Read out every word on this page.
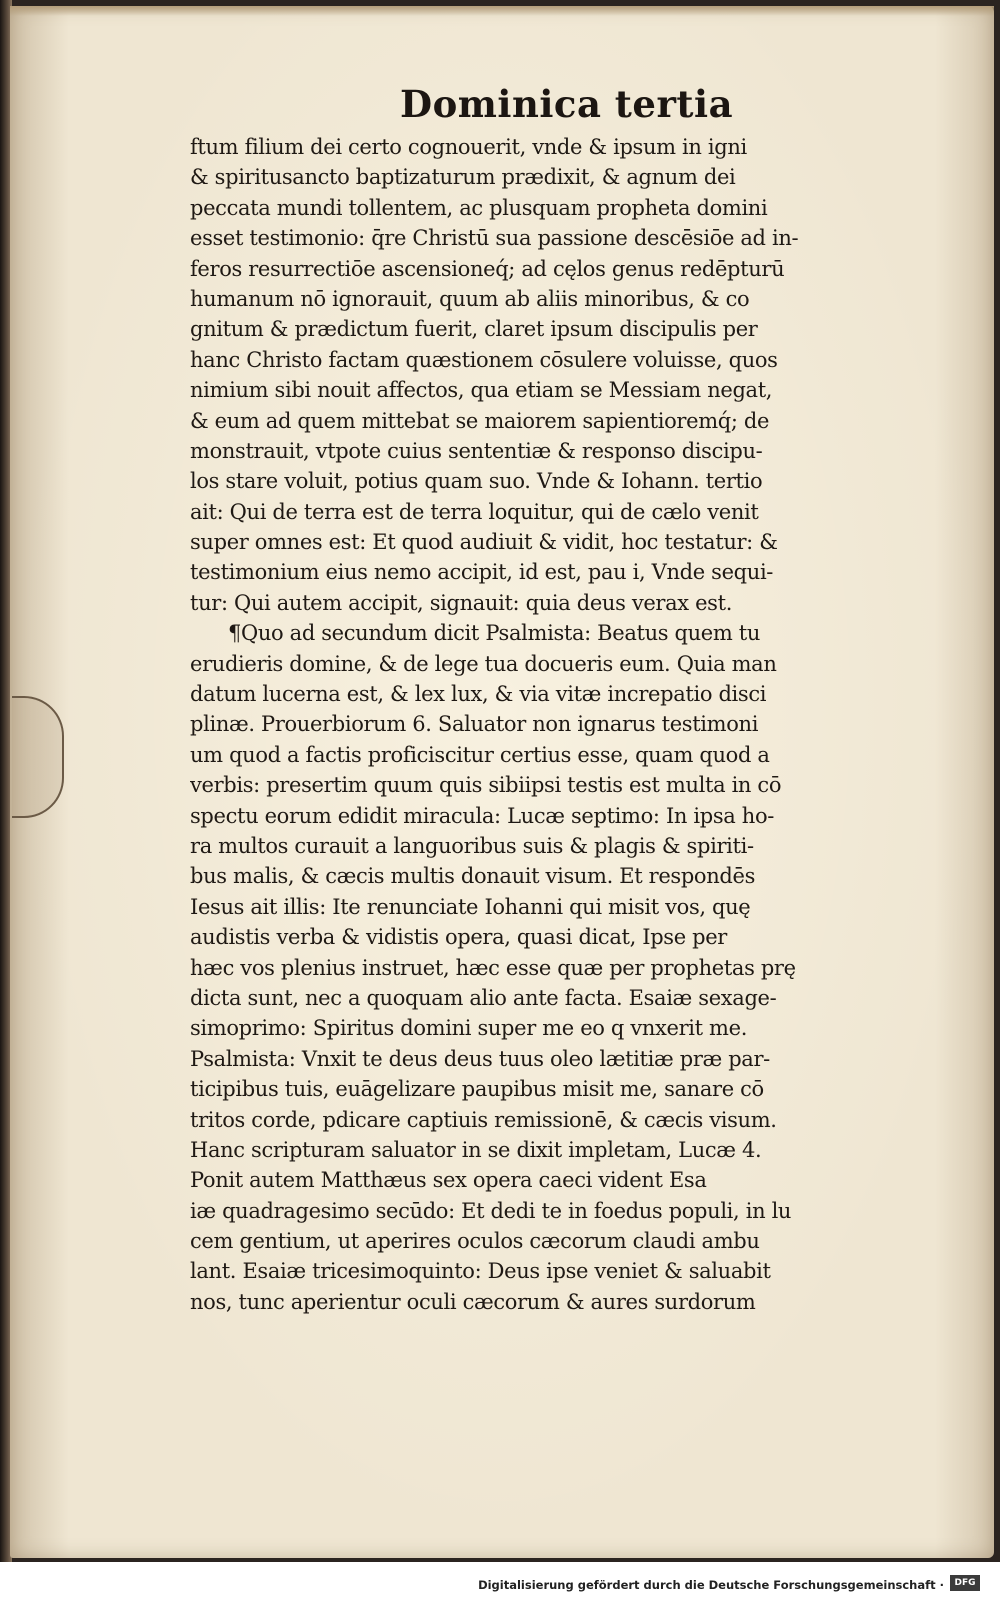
Dominica tertia
ftum filium dei certo cognouerit, vnde & ipsum in igni
& spiritusancto baptizaturum prædixit, & agnum dei
peccata mundi tollentem, ac plusquam propheta domini
esset testimonio: q̄re Christū sua passione descēsiōe ad in-
feros resurrectiōe ascensioneq́; ad cęlos genus redēpturū
humanum nō ignorauit, quum ab aliis minoribus, & co
gnitum & prædictum fuerit, claret ipsum discipulis per
hanc Christo factam quæstionem cōsulere voluisse, quos
nimium sibi nouit affectos, qua etiam se Messiam negat,
& eum ad quem mittebat se maiorem sapientioremq́; de
monstrauit, vtpote cuius sententiæ & responso discipu-
los stare voluit, potius quam suo. Vnde & Iohann. tertio
ait: Qui de terra est de terra loquitur, qui de cælo venit
super omnes est: Et quod audiuit & vidit, hoc testatur: &
testimonium eius nemo accipit, id est, pau i, Vnde sequi-
tur: Qui autem accipit, signauit: quia deus verax est.
¶Quo ad secundum dicit Psalmista: Beatus quem tu
erudieris domine, & de lege tua docueris eum. Quia man
datum lucerna est, & lex lux, & via vitæ increpatio disci
plinæ. Prouerbiorum 6. Saluator non ignarus testimoni
um quod a factis proficiscitur certius esse, quam quod a
verbis: presertim quum quis sibiipsi testis est multa in cō
spectu eorum edidit miracula: Lucæ septimo: In ipsa ho-
ra multos curauit a languoribus suis & plagis & spiriti-
bus malis, & cæcis multis donauit visum. Et respondēs
Iesus ait illis: Ite renunciate Iohanni qui misit vos, quę
audistis verba & vidistis opera, quasi dicat, Ipse per
hæc vos plenius instruet, hæc esse quæ per prophetas prę
dicta sunt, nec a quoquam alio ante facta. Esaiæ sexage-
simoprimo: Spiritus domini super me eo q vnxerit me.
Psalmista: Vnxit te deus deus tuus oleo lætitiæ præ par-
ticipibus tuis, euāgelizare paupibus misit me, sanare cō
tritos corde, pdicare captiuis remissionē, & cæcis visum.
Hanc scripturam saluator in se dixit impletam, Lucæ 4.
Ponit autem Matthæus sex opera caeci vident Esa
iæ quadragesimo secūdo: Et dedi te in foedus populi, in lu
cem gentium, ut aperires oculos cæcorum claudi ambu
lant. Esaiæ tricesimoquinto: Deus ipse veniet & saluabit
nos, tunc aperientur oculi cæcorum & aures surdorum
Digitalisierung gefördert durch die Deutsche Forschungsgemeinschaft ·	DFG
